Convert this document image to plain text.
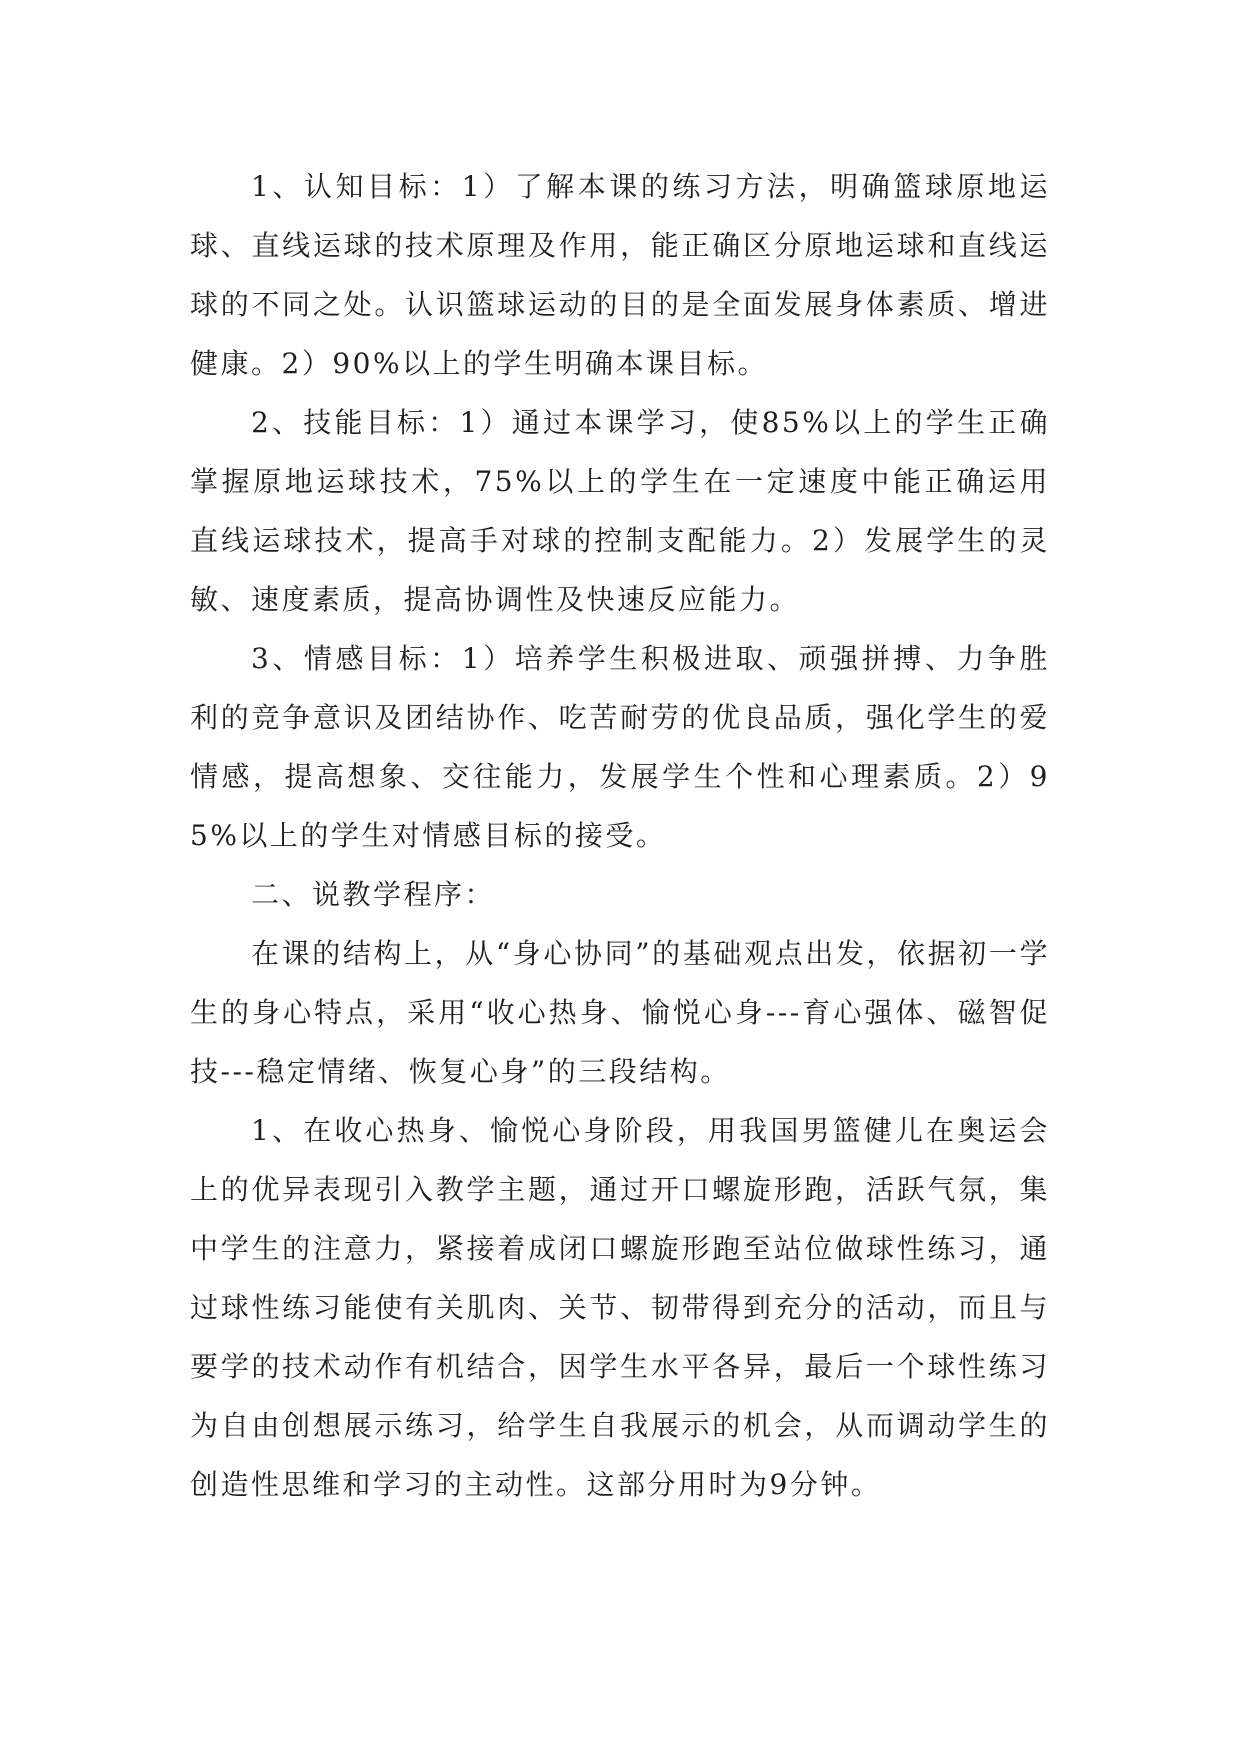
1、认知目标：1）了解本课的练习方法，明确篮球原地运球、直线运球的技术原理及作用，能正确区分原地运球和直线运球的不同之处。认识篮球运动的目的是全面发展身体素质、增进健康。2）90%以上的学生明确本课目标。

2、技能目标：1）通过本课学习，使85%以上的学生正确掌握原地运球技术，75%以上的学生在一定速度中能正确运用直线运球技术，提高手对球的控制支配能力。2）发展学生的灵敏、速度素质，提高协调性及快速反应能力。

3、情感目标：1）培养学生积极进取、顽强拼搏、力争胜利的竞争意识及团结协作、吃苦耐劳的优良品质，强化学生的爱情感，提高想象、交往能力，发展学生个性和心理素质。2）95%以上的学生对情感目标的接受。

二、说教学程序：

在课的结构上，从“身心协同”的基础观点出发，依据初一学生的身心特点，采用“收心热身、愉悦心身---育心强体、磁智促技---稳定情绪、恢复心身”的三段结构。

1、在收心热身、愉悦心身阶段，用我国男篮健儿在奥运会上的优异表现引入教学主题，通过开口螺旋形跑，活跃气氛，集中学生的注意力，紧接着成闭口螺旋形跑至站位做球性练习，通过球性练习能使有关肌肉、关节、韧带得到充分的活动，而且与要学的技术动作有机结合，因学生水平各异，最后一个球性练习为自由创想展示练习，给学生自我展示的机会，从而调动学生的创造性思维和学习的主动性。这部分用时为9分钟。
